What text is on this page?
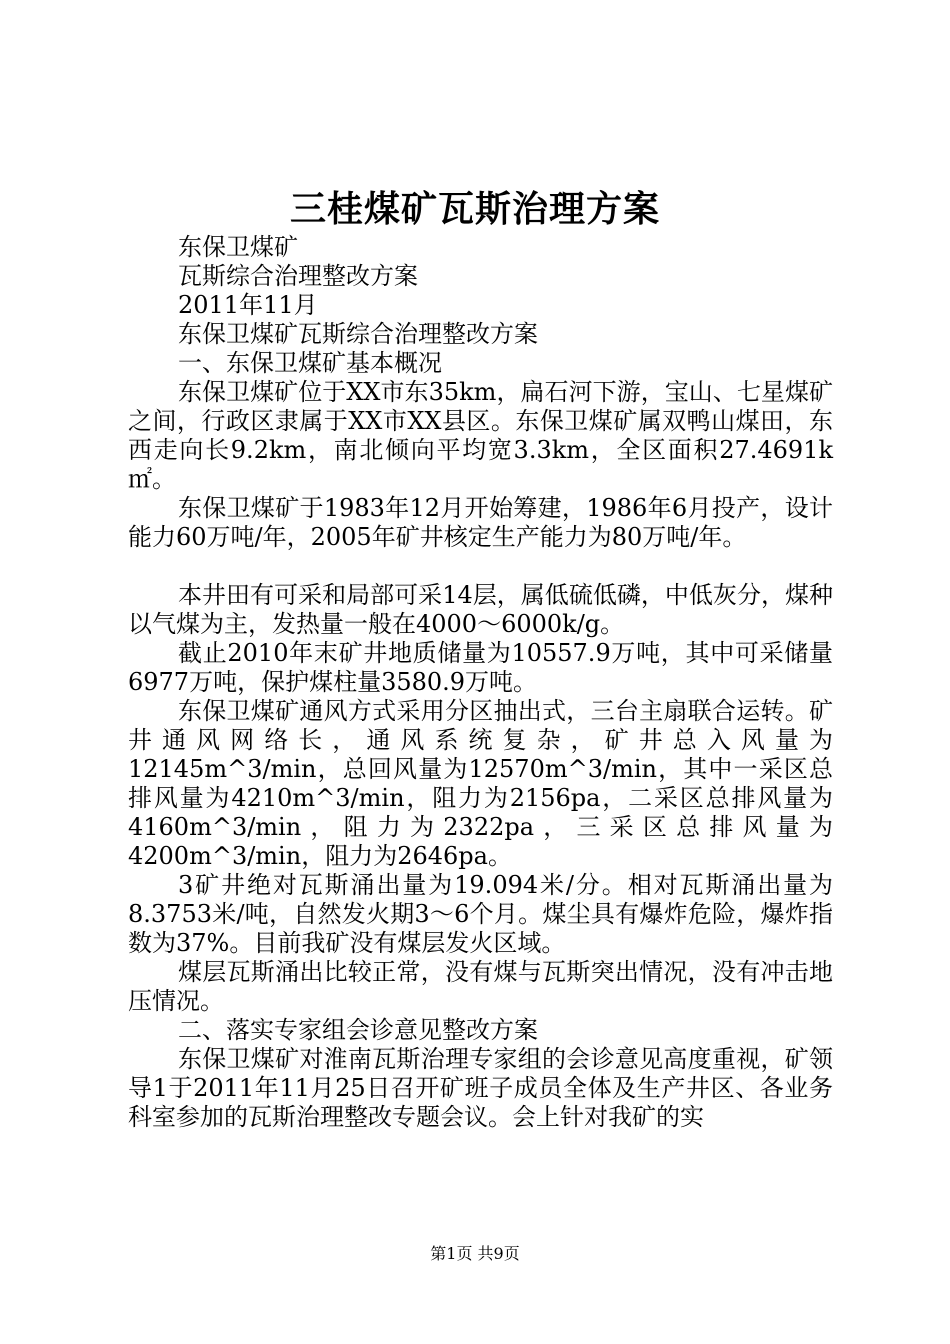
三桂煤矿瓦斯治理方案

东保卫煤矿

瓦斯综合治理整改方案

2011年11月

东保卫煤矿瓦斯综合治理整改方案

一、东保卫煤矿基本概况

东保卫煤矿位于XX市东35km，扁石河下游，宝山、七星煤矿之间，行政区隶属于XX市XX县区。东保卫煤矿属双鸭山煤田，东西走向长9.2km，南北倾向平均宽3.3km，全区面积27.4691k㎡。

东保卫煤矿于1983年12月开始筹建，1986年6月投产，设计能力60万吨/年，2005年矿井核定生产能力为80万吨/年。

本井田有可采和局部可采14层，属低硫低磷，中低灰分，煤种以气煤为主，发热量一般在4000～6000k/g。

截止2010年末矿井地质储量为10557.9万吨，其中可采储量6977万吨，保护煤柱量3580.9万吨。

东保卫煤矿通风方式采用分区抽出式，三台主扇联合运转。矿井通风网络长，通风系统复杂，矿井总入风量为12145m^3/min，总回风量为12570m^3/min，其中一采区总排风量为4210m^3/min，阻力为2156pa，二采区总排风量为4160m^3/min，阻力为2322pa，三采区总排风量为4200m^3/min，阻力为2646pa。

3矿井绝对瓦斯涌出量为19.094米/分。相对瓦斯涌出量为8.3753米/吨，自然发火期3～6个月。煤尘具有爆炸危险，爆炸指数为37%。目前我矿没有煤层发火区域。

煤层瓦斯涌出比较正常，没有煤与瓦斯突出情况，没有冲击地压情况。

二、落实专家组会诊意见整改方案

东保卫煤矿对淮南瓦斯治理专家组的会诊意见高度重视，矿领导1于2011年11月25日召开矿班子成员全体及生产井区、各业务科室参加的瓦斯治理整改专题会议。会上针对我矿的实

第1页 共9页
